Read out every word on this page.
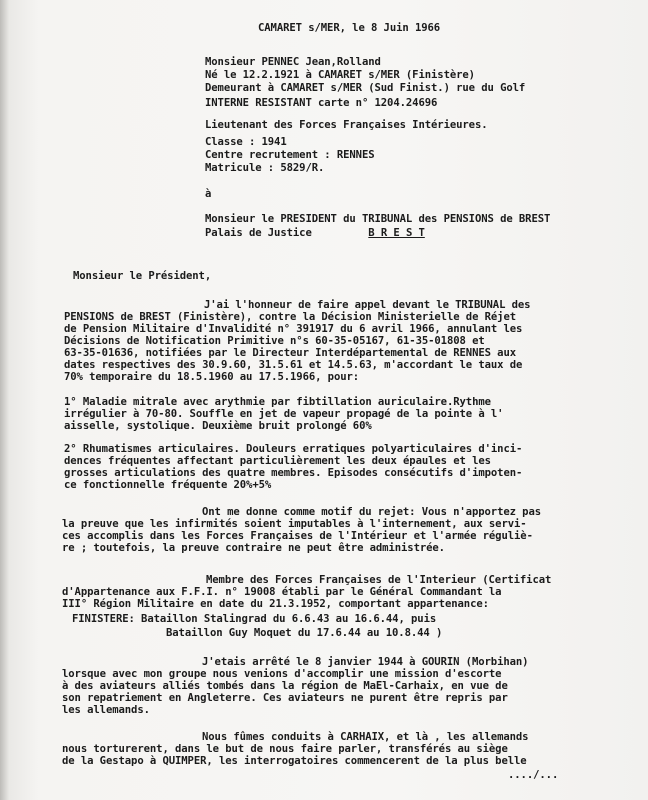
CAMARET s/MER, le 8 Juin 1966

Monsieur PENNEC Jean,Rolland

Né le 12.2.1921 à CAMARET s/MER (Finistère)

Demeurant à CAMARET s/MER (Sud Finist.) rue du Golf

INTERNE RESISTANT carte n° 1204.24696

Lieutenant des Forces Françaises Intérieures.

Classe : 1941

Centre recrutement : RENNES

Matricule : 5829/R.

à

Monsieur le PRESIDENT du TRIBUNAL des PENSIONS de BREST

Palais de Justice	B R E S T

Monsieur le Président,

J'ai l'honneur de faire appel devant le TRIBUNAL des

PENSIONS de BREST (Finistère), contre la Décision Ministerielle de Réjet

de Pension Militaire d'Invalidité n° 391917 du 6 avril 1966, annulant les

Décisions de Notification Primitive n°s 60-35-05167, 61-35-01808 et

63-35-01636, notifiées par le Directeur Interdépartemental de RENNES aux

dates respectives des 30.9.60, 31.5.61 et 14.5.63, m'accordant le taux de

70% temporaire du 18.5.1960 au 17.5.1966, pour:

1° Maladie mitrale avec arythmie par fibtillation auriculaire.Rythme

irrégulier à 70-80. Souffle en jet de vapeur propagé de la pointe à l'

aisselle, systolique. Deuxième bruit prolongé 60%

2° Rhumatismes articulaires. Douleurs erratiques polyarticulaires d'inci-

dences fréquentes affectant particulièrement les deux épaules et les

grosses articulations des quatre membres. Episodes consécutifs d'impoten-

ce fonctionnelle fréquente 20%+5%

Ont me donne comme motif du rejet: Vous n'apportez pas

la preuve que les infirmités soient imputables à l'internement, aux servi-

ces accomplis dans les Forces Françaises de l'Intérieur et l'armée réguliè-

re ; toutefois, la preuve contraire ne peut être administrée.

Membre des Forces Françaises de l'Interieur (Certificat

d'Appartenance aux F.F.I. n° 19008 établi par le Général Commandant la

III° Région Militaire en date du 21.3.1952, comportant appartenance:

FINISTERE: Bataillon Stalingrad du 6.6.43 au 16.6.44, puis

Bataillon Guy Moquet du 17.6.44 au 10.8.44 )

J'etais arrêté le 8 janvier 1944 à GOURIN (Morbihan)

lorsque avec mon groupe nous venions d'accomplir une mission d'escorte

à des aviateurs alliés tombés dans la région de MaEl-Carhaix, en vue de

son repatriement en Angleterre. Ces aviateurs ne purent être repris par

les allemands.

Nous fûmes conduits à CARHAIX, et là , les allemands

nous torturerent, dans le but de nous faire parler, transférés au siège

de la Gestapo à QUIMPER, les interrogatoires commencerent de la plus belle

..../...
